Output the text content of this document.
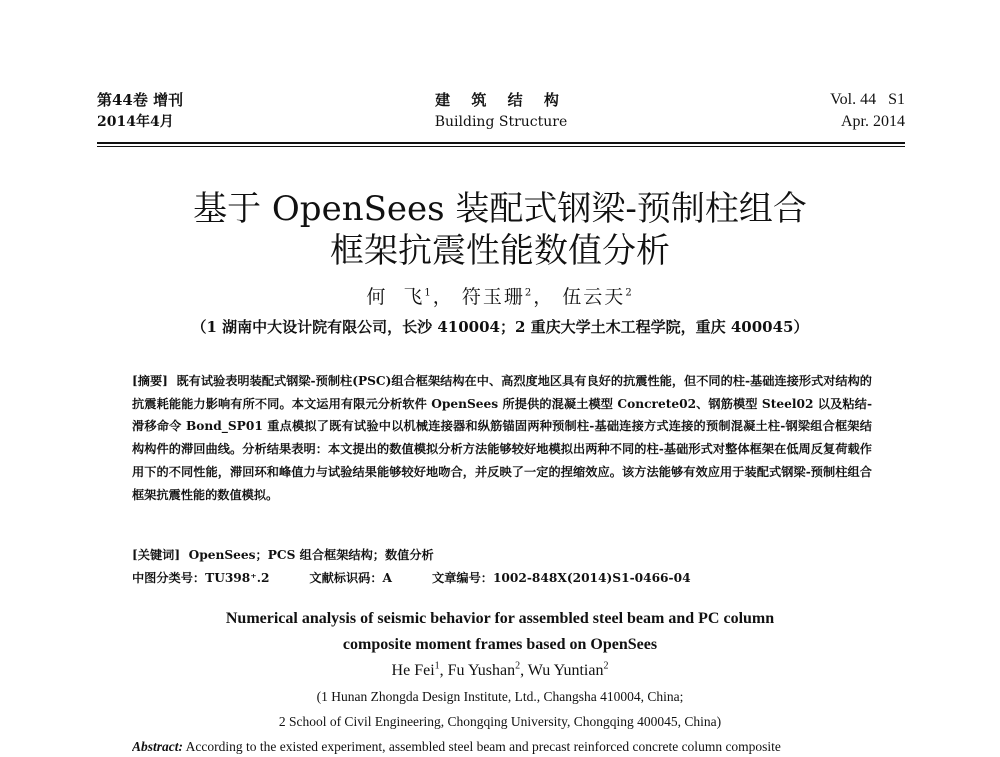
第44卷 增刊
2014年4月
建 筑 结 构
Building Structure
Vol. 44   S1
Apr. 2014
基于 OpenSees 装配式钢梁-预制柱组合
框架抗震性能数值分析
何  飞$^1$， 符玉珊$^2$， 伍云天$^2$
（1 湖南中大设计院有限公司，长沙 410004；2 重庆大学土木工程学院，重庆 400045）
[摘要] 既有试验表明装配式钢梁-预制柱(PSC)组合框架结构在中、高烈度地区具有良好的抗震性能，但不同的柱-基础连接形式对结构的抗震耗能能力影响有所不同。本文运用有限元分析软件 OpenSees 所提供的混凝土模型 Concrete02、钢筋模型 Steel02 以及粘结-滑移命令 Bond_SP01 重点模拟了既有试验中以机械连接器和纵筋锚固两种预制柱-基础连接方式连接的预制混凝土柱-钢梁组合框架结构构件的滞回曲线。分析结果表明：本文提出的数值模拟分析方法能够较好地模拟出两种不同的柱-基础形式对整体框架在低周反复荷载作用下的不同性能，滞回环和峰值力与试验结果能够较好地吻合，并反映了一定的捏缩效应。该方法能够有效应用于装配式钢梁-预制柱组合框架抗震性能的数值模拟。
[关键词] OpenSees；PCS 组合框架结构；数值分析
中图分类号：TU398⁺.2	文献标识码：A	文章编号：1002-848X(2014)S1-0466-04
Numerical analysis of seismic behavior for assembled steel beam and PC column
composite moment frames based on OpenSees
He Fei$^1$, Fu Yushan$^2$, Wu Yuntian$^2$
(1 Hunan Zhongda Design Institute, Ltd., Changsha 410004, China;
2 School of Civil Engineering, Chongqing University, Chongqing 400045, China)
Abstract: According to the existed experiment, assembled steel beam and precast reinforced concrete column composite
